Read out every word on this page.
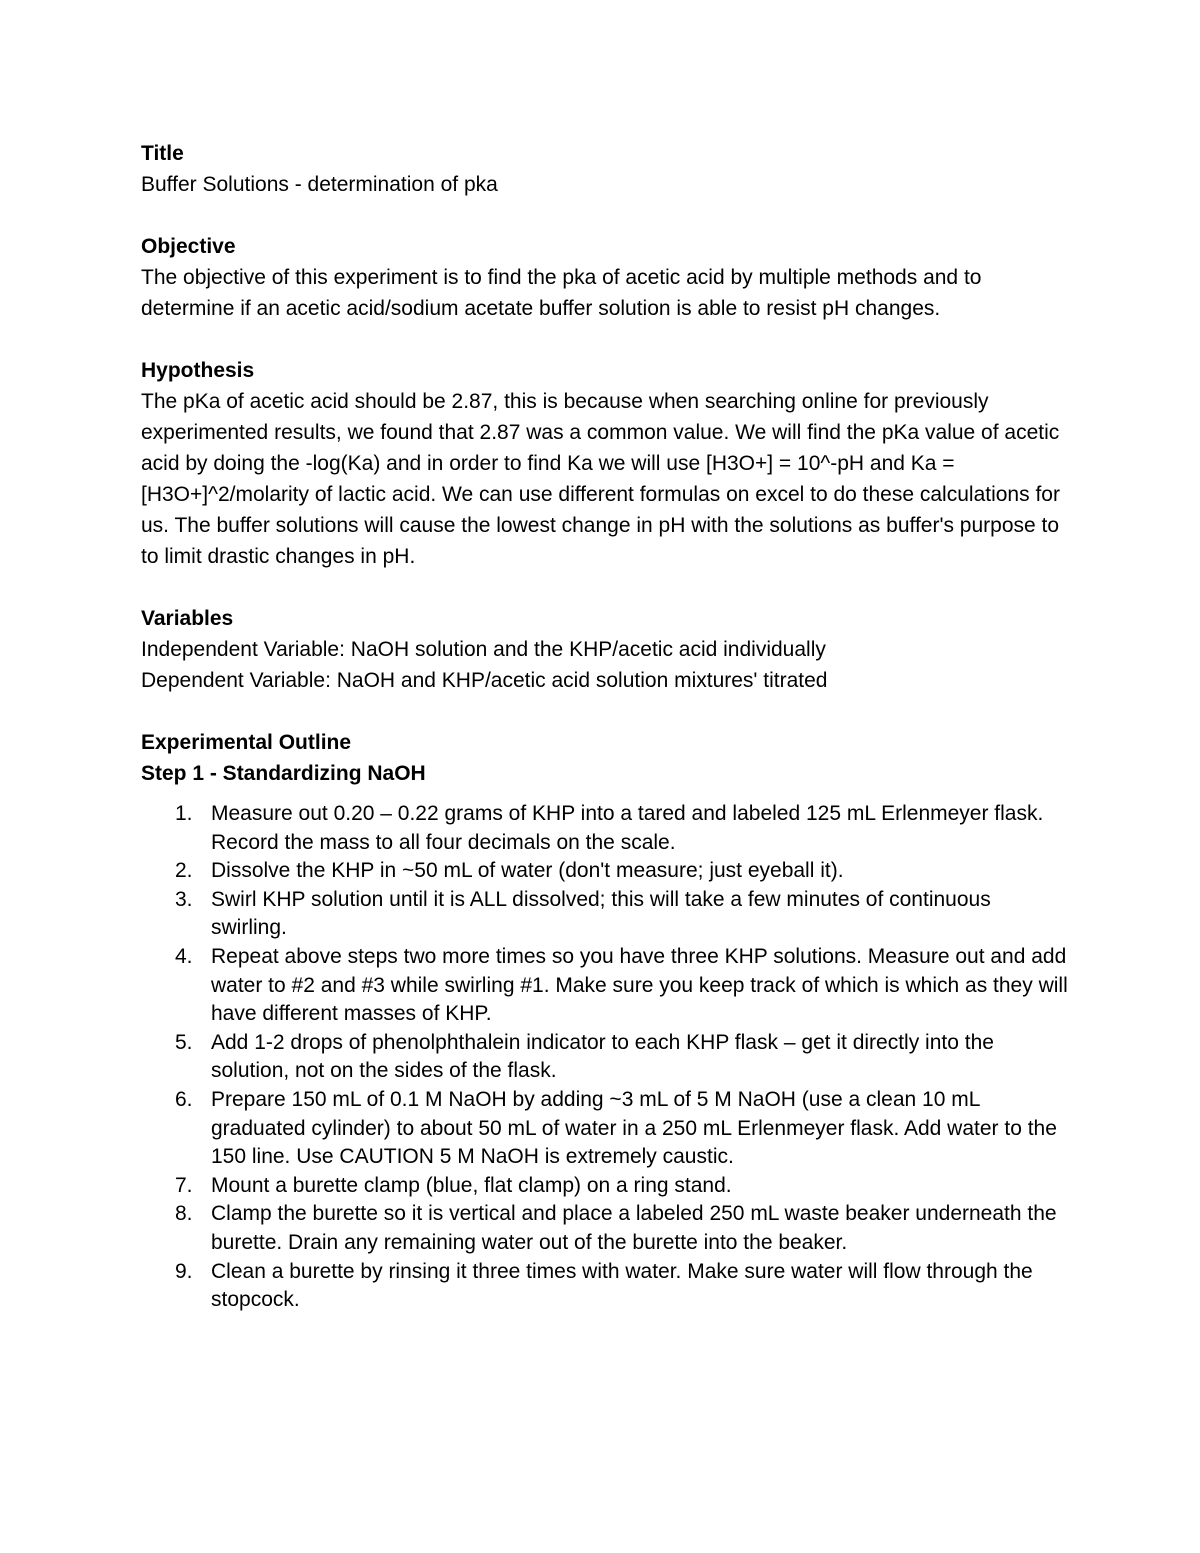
Title

Buffer Solutions - determination of pka

Objective

The objective of this experiment is to find the pka of acetic acid by multiple methods and to determine if an acetic acid/sodium acetate buffer solution is able to resist pH changes.

Hypothesis

The pKa of acetic acid should be 2.87, this is because when searching online for previously experimented results, we found that 2.87 was a common value. We will find the pKa value of acetic acid by doing the -log(Ka) and in order to find Ka we will use [H3O+] = 10^-pH and Ka = [H3O+]^2/molarity of lactic acid. We can use different formulas on excel to do these calculations for us. The buffer solutions will cause the lowest change in pH with the solutions as buffer's purpose to to limit drastic changes in pH.

Variables

Independent Variable: NaOH solution and the KHP/acetic acid individually

Dependent Variable: NaOH and KHP/acetic acid solution mixtures' titrated

Experimental Outline

Step 1 - Standardizing NaOH

1. Measure out 0.20 – 0.22 grams of KHP into a tared and labeled 125 mL Erlenmeyer flask. Record the mass to all four decimals on the scale.
2. Dissolve the KHP in ~50 mL of water (don't measure; just eyeball it).
3. Swirl KHP solution until it is ALL dissolved; this will take a few minutes of continuous swirling.
4. Repeat above steps two more times so you have three KHP solutions. Measure out and add water to #2 and #3 while swirling #1. Make sure you keep track of which is which as they will have different masses of KHP.
5. Add 1-2 drops of phenolphthalein indicator to each KHP flask – get it directly into the solution, not on the sides of the flask.
6. Prepare 150 mL of 0.1 M NaOH by adding ~3 mL of 5 M NaOH (use a clean 10 mL graduated cylinder) to about 50 mL of water in a 250 mL Erlenmeyer flask. Add water to the 150 line. Use CAUTION 5 M NaOH is extremely caustic.
7. Mount a burette clamp (blue, flat clamp) on a ring stand.
8. Clamp the burette so it is vertical and place a labeled 250 mL waste beaker underneath the burette. Drain any remaining water out of the burette into the beaker.
9. Clean a burette by rinsing it three times with water. Make sure water will flow through the stopcock.
